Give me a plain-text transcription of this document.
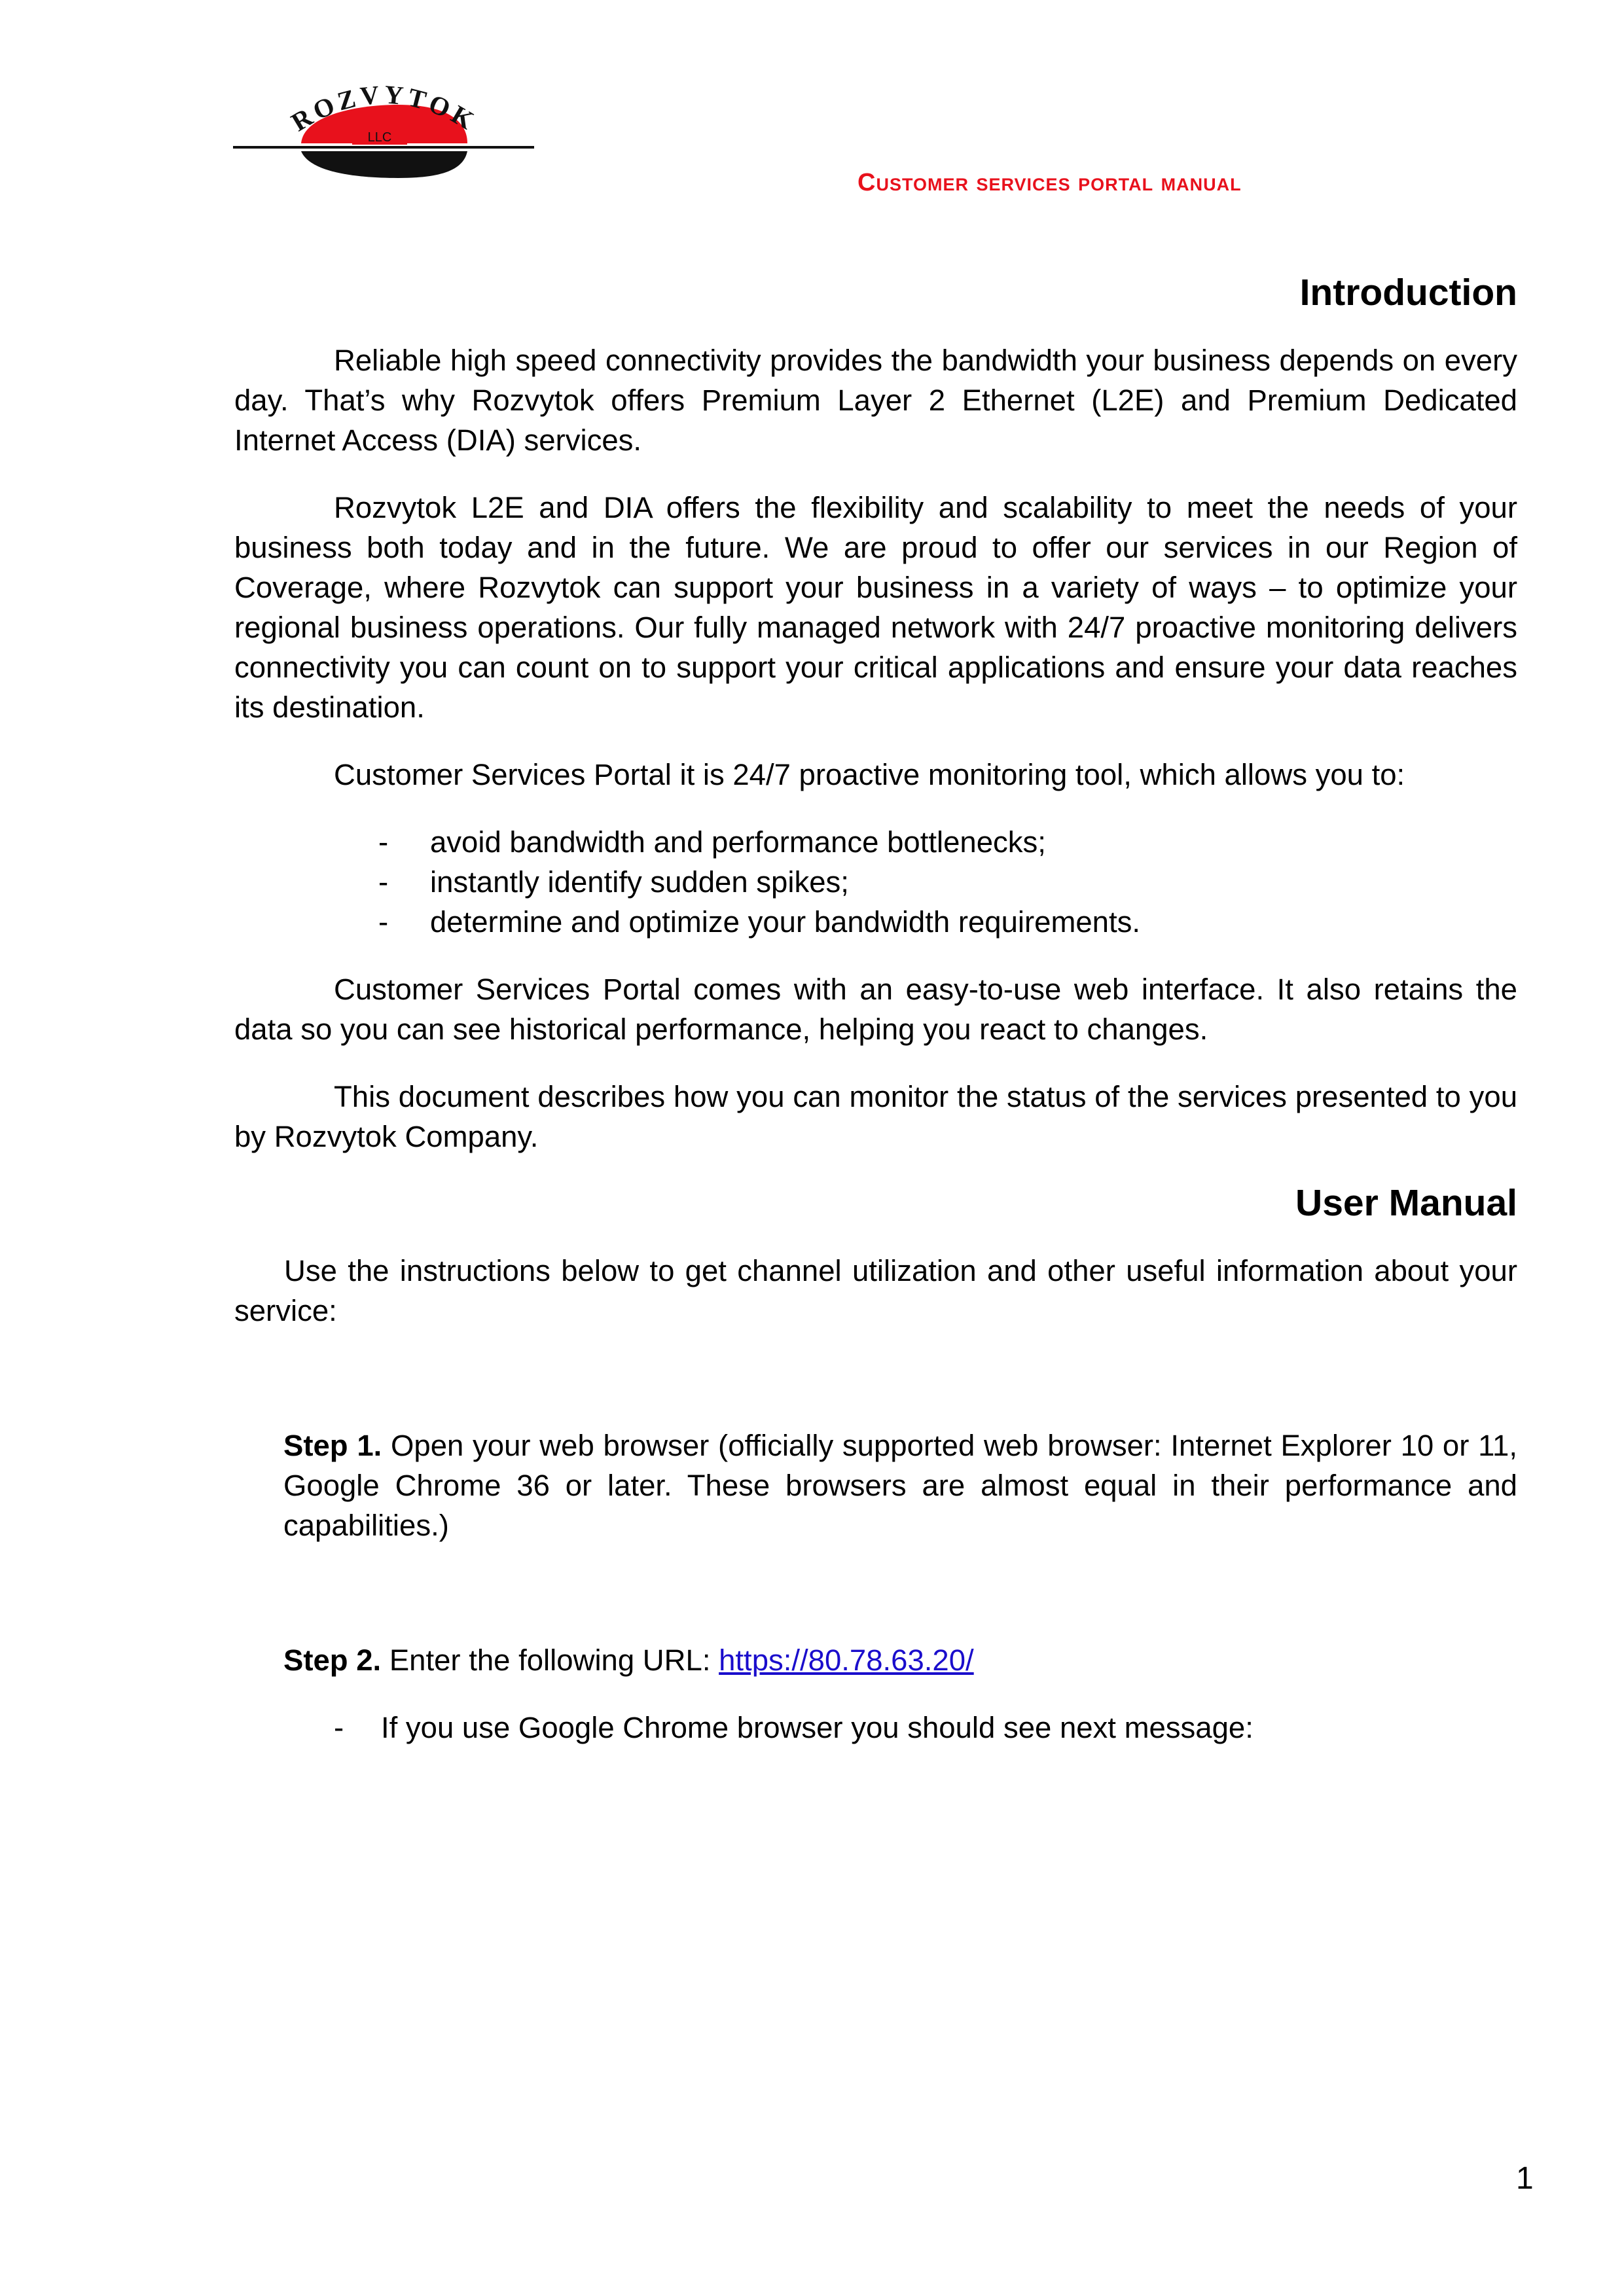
ROZVYTOK
LLC
Customer services portal manual
Introduction

Reliable high speed connectivity provides the bandwidth your business depends on every day. That’s why Rozvytok offers Premium Layer 2 Ethernet (L2E) and Premium Dedicated Internet Access (DIA) services.

Rozvytok L2E and DIA offers the flexibility and scalability to meet the needs of your business both today and in the future. We are proud to offer our services in our Region of Coverage, where Rozvytok can support your business in a variety of ways – to optimize your regional business operations. Our fully managed network with 24/7 proactive monitoring delivers connectivity you can count on to support your critical applications and ensure your data reaches its destination.

Customer Services Portal it is 24/7 proactive monitoring tool, which allows you to:

- avoid bandwidth and performance bottlenecks;
- instantly identify sudden spikes;
- determine and optimize your bandwidth requirements.

Customer Services Portal comes with an easy-to-use web interface. It also retains the data so you can see historical performance, helping you react to changes.

This document describes how you can monitor the status of the services presented to you by Rozvytok Company.

User Manual

Use the instructions below to get channel utilization and other useful information about your service:

Step 1. Open your web browser (officially supported web browser: Internet Explorer 10 or 11, Google Chrome 36 or later. These browsers are almost equal in their performance and capabilities.)

Step 2. Enter the following URL: https://80.78.63.20/

- If you use Google Chrome browser you should see next message:

1
